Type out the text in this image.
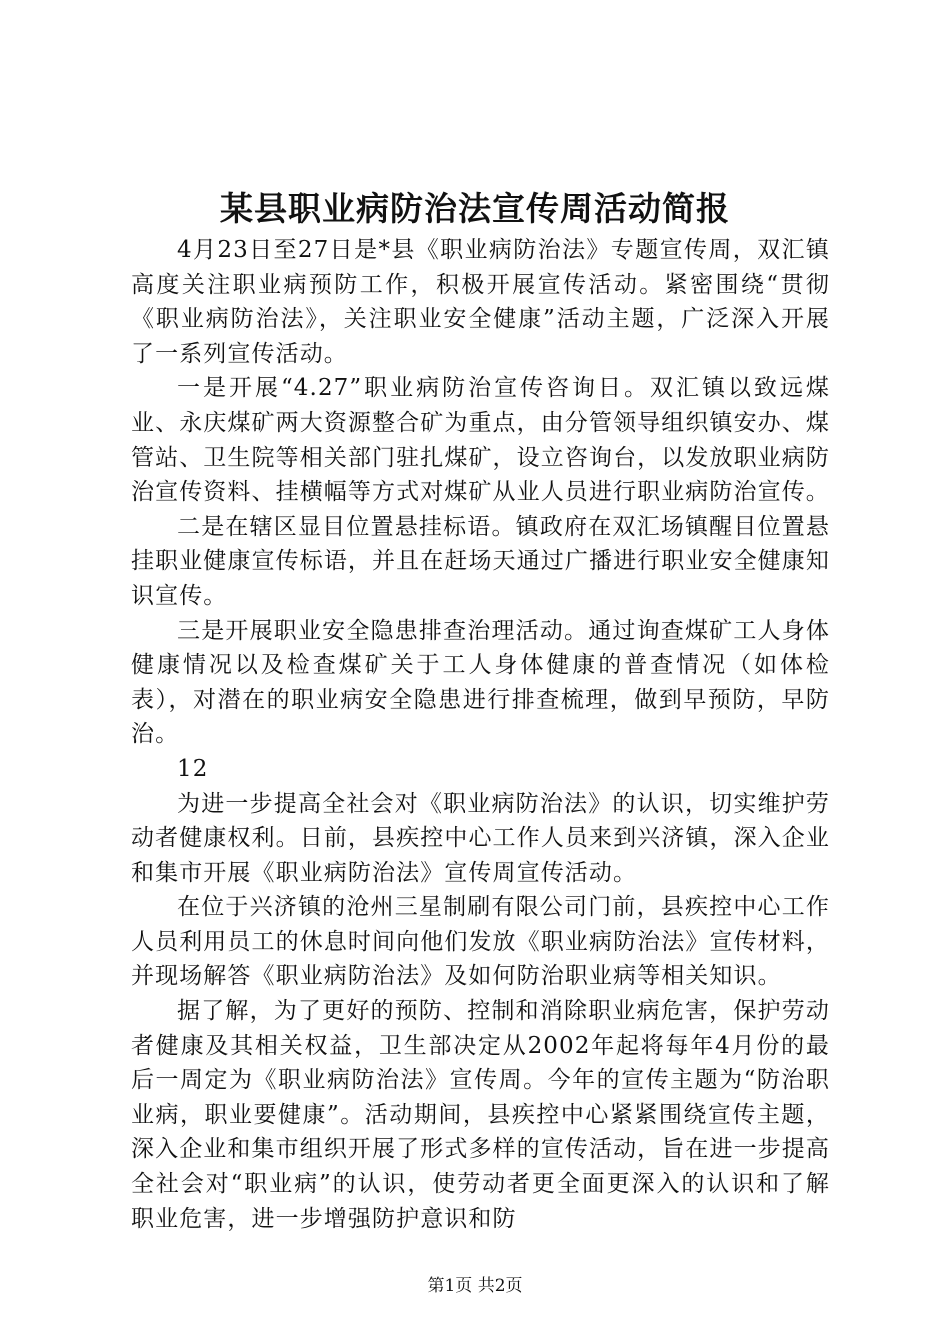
某县职业病防治法宣传周活动简报

4月23日至27日是*县《职业病防治法》专题宣传周，双汇镇高度关注职业病预防工作，积极开展宣传活动。紧密围绕“贯彻《职业病防治法》，关注职业安全健康”活动主题，广泛深入开展了一系列宣传活动。

一是开展“4.27”职业病防治宣传咨询日。双汇镇以致远煤业、永庆煤矿两大资源整合矿为重点，由分管领导组织镇安办、煤管站、卫生院等相关部门驻扎煤矿，设立咨询台，以发放职业病防治宣传资料、挂横幅等方式对煤矿从业人员进行职业病防治宣传。

二是在辖区显目位置悬挂标语。镇政府在双汇场镇醒目位置悬挂职业健康宣传标语，并且在赶场天通过广播进行职业安全健康知识宣传。

三是开展职业安全隐患排查治理活动。通过询查煤矿工人身体健康情况以及检查煤矿关于工人身体健康的普查情况（如体检表），对潜在的职业病安全隐患进行排查梳理，做到早预防，早防治。

12

为进一步提高全社会对《职业病防治法》的认识，切实维护劳动者健康权利。日前，县疾控中心工作人员来到兴济镇，深入企业和集市开展《职业病防治法》宣传周宣传活动。

在位于兴济镇的沧州三星制刷有限公司门前，县疾控中心工作人员利用员工的休息时间向他们发放《职业病防治法》宣传材料，并现场解答《职业病防治法》及如何防治职业病等相关知识。

据了解，为了更好的预防、控制和消除职业病危害，保护劳动者健康及其相关权益，卫生部决定从2002年起将每年4月份的最后一周定为《职业病防治法》宣传周。今年的宣传主题为“防治职业病，职业要健康”。活动期间，县疾控中心紧紧围绕宣传主题，深入企业和集市组织开展了形式多样的宣传活动，旨在进一步提高全社会对“职业病”的认识，使劳动者更全面更深入的认识和了解职业危害，进一步增强防护意识和防

第1页 共2页
